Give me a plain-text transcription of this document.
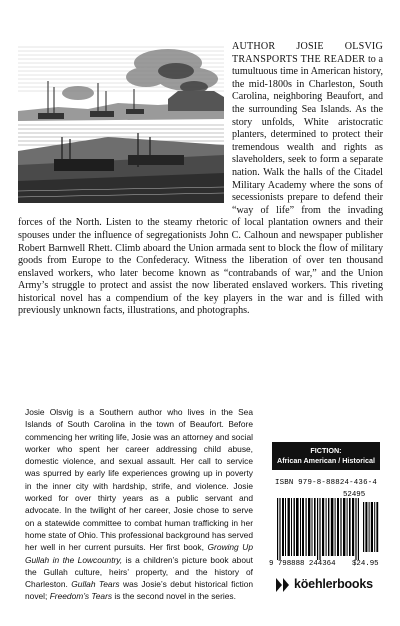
AUTHOR JOSIE OLSVIG TRANSPORTS THE READER to a tumultuous time in American history, the mid-1800s in Charleston, South Carolina, neighboring Beaufort, and the surrounding Sea Islands. As the story unfolds, White aristocratic planters, determined to protect their tremendous wealth and rights as slaveholders, seek to form a separate nation. Walk the halls of the Citadel Military Academy where the sons of secessionists prepare to defend their “way of life” from the invading forces of the North. Listen to the steamy rhetoric of local plantation owners and their spouses under the influence of segregationists John C. Calhoun and newspaper publisher Robert Barnwell Rhett. Climb aboard the Union armada sent to block the flow of military goods from Europe to the Confederacy. Witness the liberation of over ten thousand enslaved workers, who later become known as “contrabands of war,” and the Union Army’s struggle to protect and assist the now liberated enslaved workers. This riveting historical novel has a compendium of the key players in the war and is filled with previously unknown facts, illustrations, and photographs.
Josie Olsvig is a Southern author who lives in the Sea Islands of South Carolina in the town of Beaufort. Before commencing her writing life, Josie was an attorney and social worker who spent her career addressing child abuse, domestic violence, and sexual assault. Her call to service was spurred by early life experiences growing up in poverty in the inner city with hardship, strife, and violence. Josie worked for over thirty years as a public servant and advocate. In the twilight of her career, Josie chose to serve on a statewide committee to combat human trafficking in her home state of Ohio. This professional background has served her well in her current pursuits. Her first book, Growing Up Gullah in the Lowcountry, is a children’s picture book about the Gullah culture, heirs’ property, and the history of Charleston. Gullah Tears was Josie’s debut historical fiction novel; Freedom’s Tears is the second novel in the series.
FICTION:
African American / Historical
ISBN 979-8-88824-436-4
52495
9 798888 244364 $24.95
köehlerbooks
